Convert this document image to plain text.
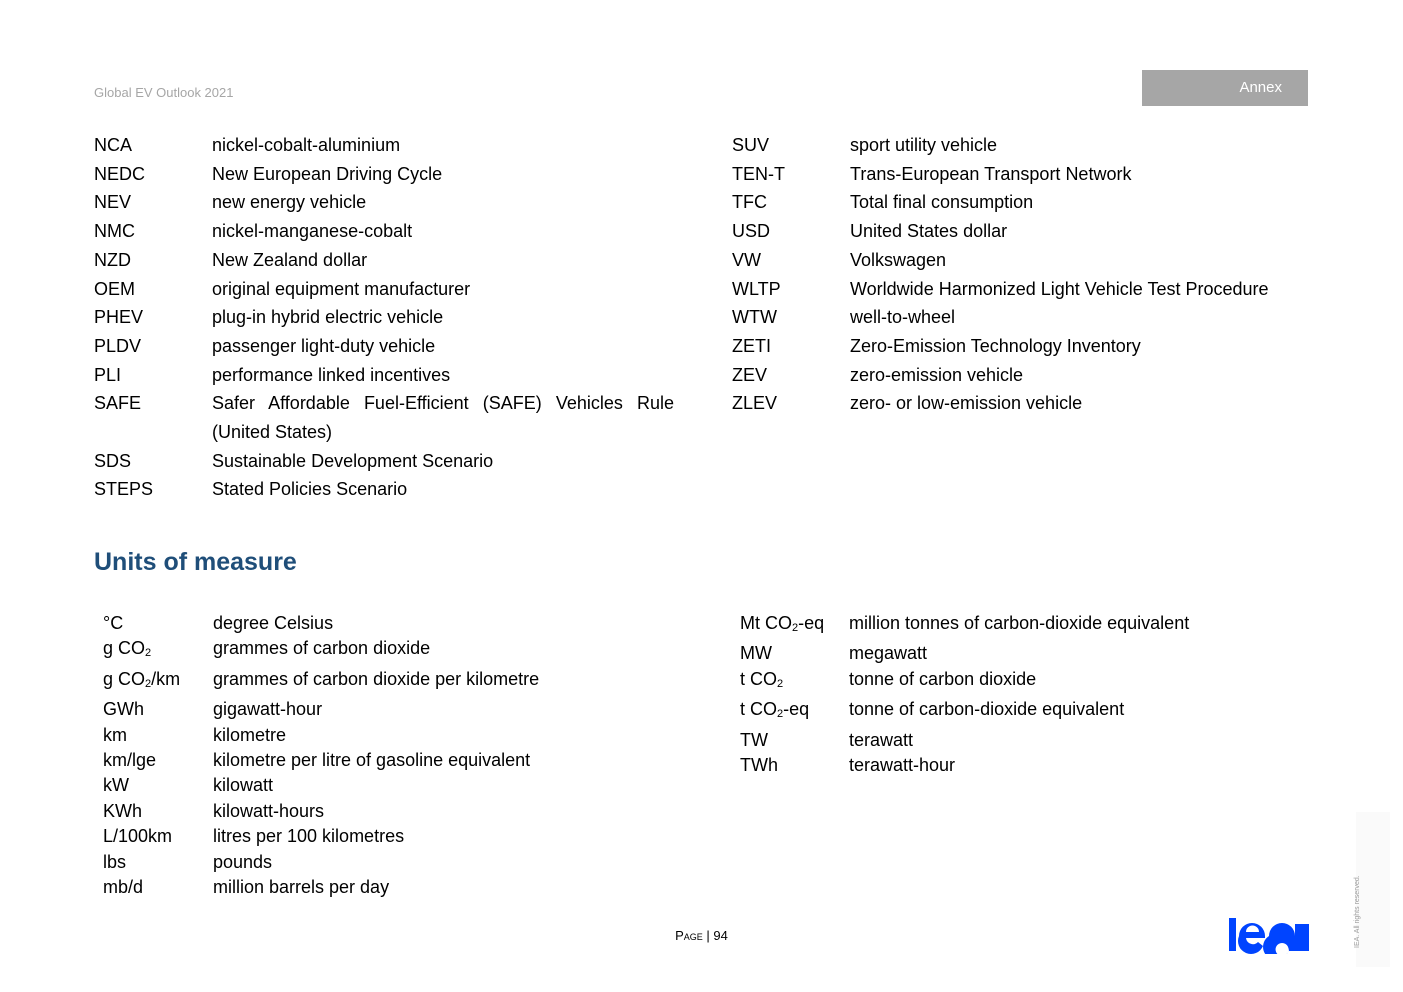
Global EV Outlook 2021	Annex
NCA	nickel-cobalt-aluminium
NEDC	New European Driving Cycle
NEV	new energy vehicle
NMC	nickel-manganese-cobalt
NZD	New Zealand dollar
OEM	original equipment manufacturer
PHEV	plug-in hybrid electric vehicle
PLDV	passenger light-duty vehicle
PLI	performance linked incentives
SAFE	Safer Affordable Fuel-Efficient (SAFE) Vehicles Rule (United States)
SDS	Sustainable Development Scenario
STEPS	Stated Policies Scenario
SUV	sport utility vehicle
TEN-T	Trans-European Transport Network
TFC	Total final consumption
USD	United States dollar
VW	Volkswagen
WLTP	Worldwide Harmonized Light Vehicle Test Procedure
WTW	well-to-wheel
ZETI	Zero-Emission Technology Inventory
ZEV	zero-emission vehicle
ZLEV	zero- or low-emission vehicle
Units of measure
°C	degree Celsius
g $CO_2$	grammes of carbon dioxide
g $CO_2/km$	grammes of carbon dioxide per kilometre
GWh	gigawatt-hour
km	kilometre
km/lge	kilometre per litre of gasoline equivalent
kW	kilowatt
KWh	kilowatt-hours
L/100km	litres per 100 kilometres
lbs	pounds
mb/d	million barrels per day
Mt $CO_2-eq$	million tonnes of carbon-dioxide equivalent
MW	megawatt
t $CO_2$	tonne of carbon dioxide
t $CO_2-eq$	tonne of carbon-dioxide equivalent
TW	terawatt
TWh	terawatt-hour
Page | 94	IEA. All rights reserved.
